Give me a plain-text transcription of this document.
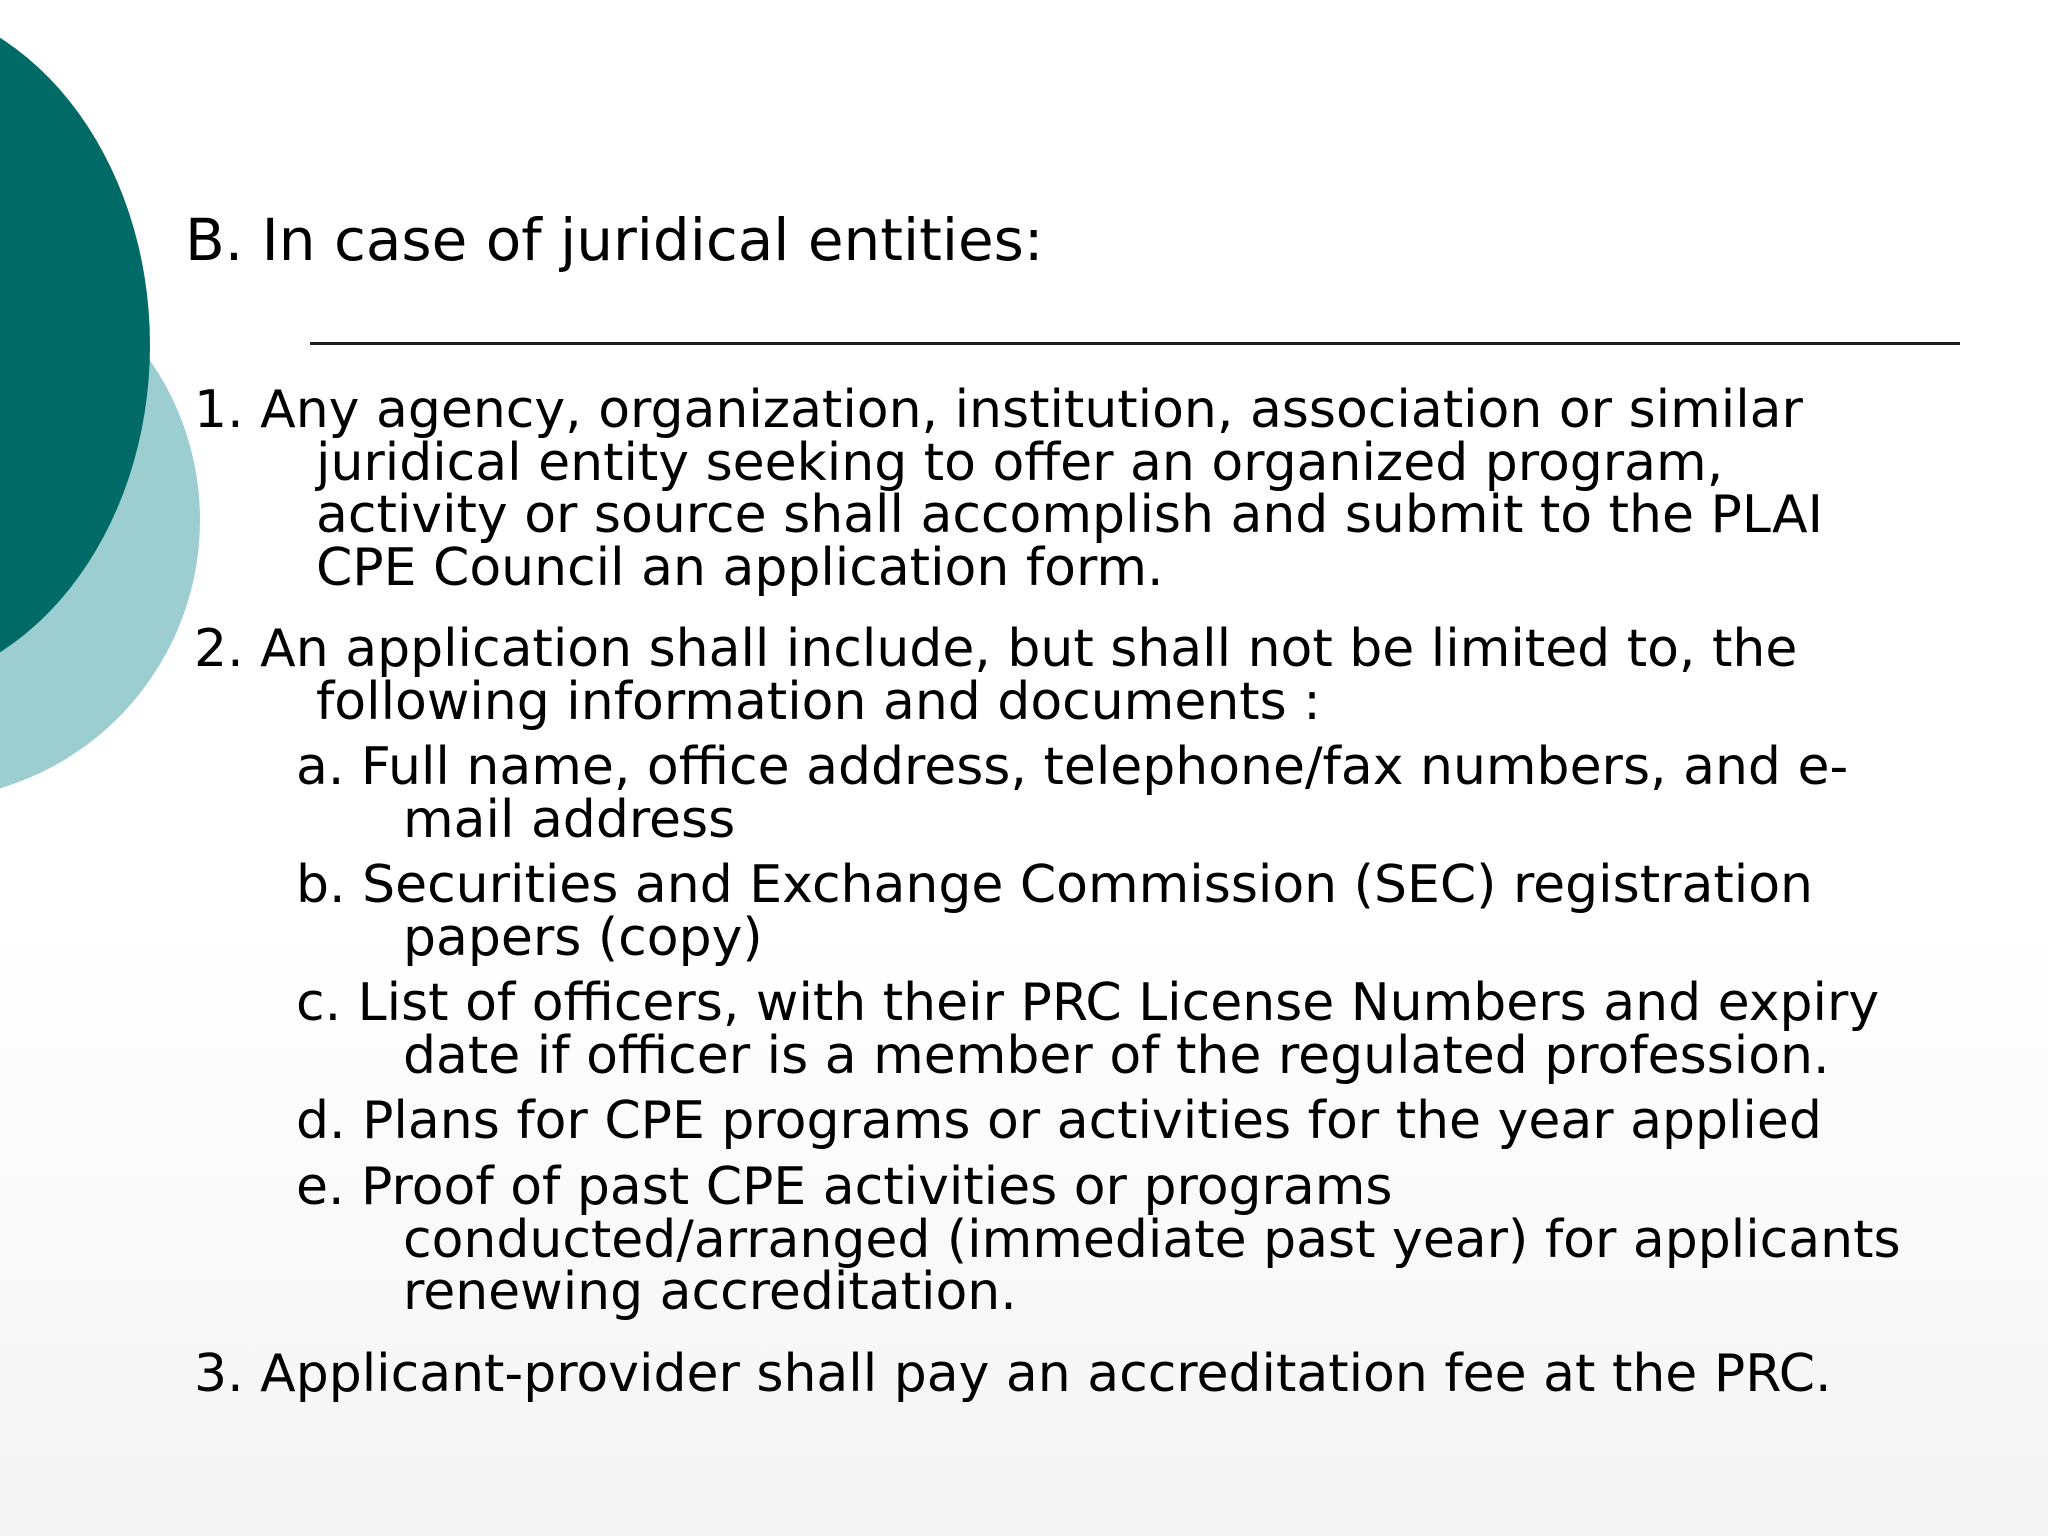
B. In case of juridical entities:
1. Any agency, organization, institution, association or similar
juridical entity seeking to offer an organized program,
activity or source shall accomplish and submit to the PLAI
CPE Council an application form.
2. An application shall include, but shall not be limited to, the
following information and documents :
a. Full name, office address, telephone/fax numbers, and e-
mail address
b. Securities and Exchange Commission (SEC) registration
papers (copy)
c. List of officers, with their PRC License Numbers and expiry
date if officer is a member of the regulated profession.
d. Plans for CPE programs or activities for the year applied
e. Proof of past CPE activities or programs
conducted/arranged (immediate past year) for applicants
renewing accreditation.
3. Applicant-provider shall pay an accreditation fee at the PRC.
